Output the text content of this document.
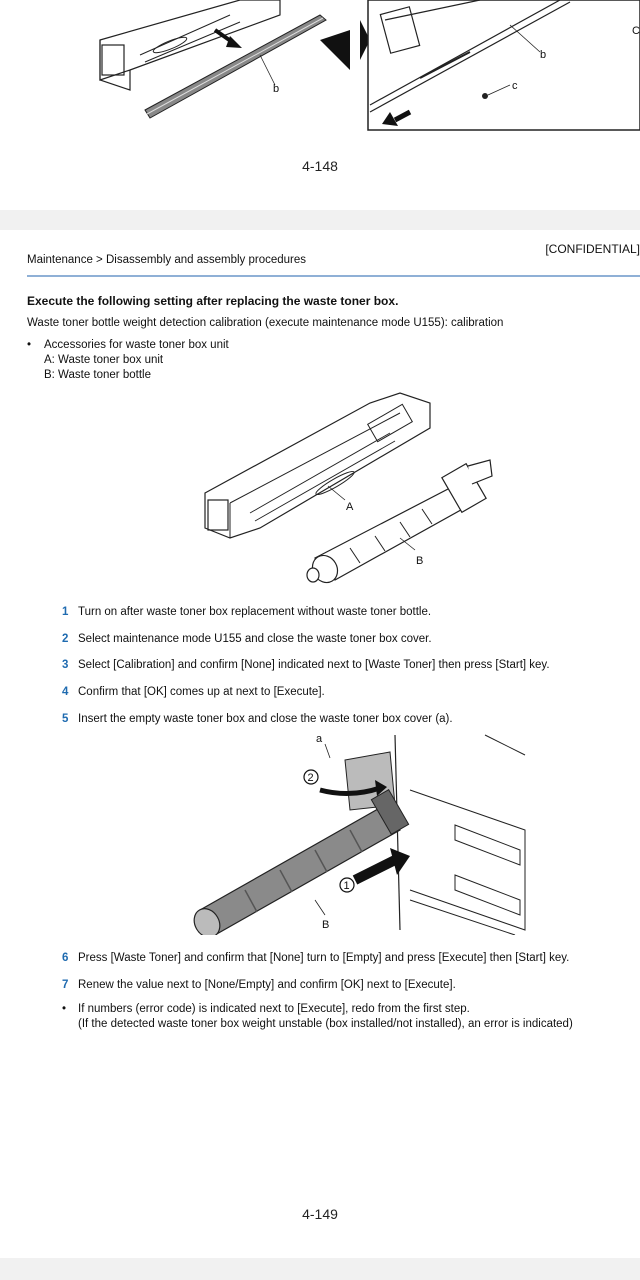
b
b
c
C
4-148
[CONFIDENTIAL]
Maintenance > Disassembly and assembly procedures
Execute the following setting after replacing the waste toner box.
Waste toner bottle weight detection calibration (execute maintenance mode U155): calibration
• Accessories for waste toner box unit
A: Waste toner box unit
B: Waste toner bottle
A
B
1 Turn on after waste toner box replacement without waste toner bottle.
2 Select maintenance mode U155 and close the waste toner box cover.
3 Select [Calibration] and confirm [None] indicated next to [Waste Toner] then press [Start] key.
4 Confirm that [OK] comes up at next to [Execute].
5 Insert the empty waste toner box and close the waste toner box cover (a).
a
2
B
1
6 Press [Waste Toner] and confirm that [None] turn to [Empty] and press [Execute] then [Start] key.
7 Renew the value next to [None/Empty] and confirm [OK] next to [Execute].
• If numbers (error code) is indicated next to [Execute], redo from the first step.
(If the detected waste toner box weight unstable (box installed/not installed), an error is indicated)
4-149
